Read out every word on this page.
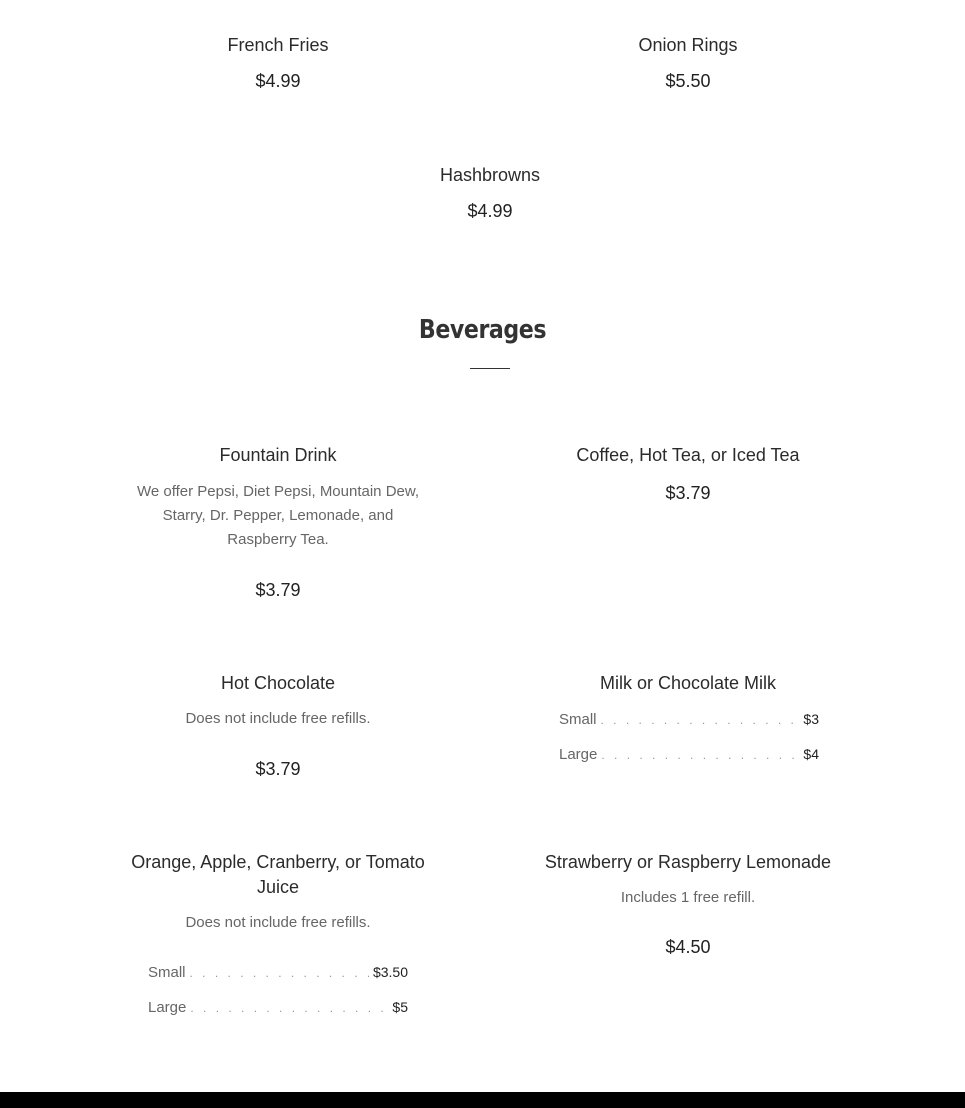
French Fries
$4.99
Onion Rings
$5.50
Hashbrowns
$4.99
Beverages
Fountain Drink
We offer Pepsi, Diet Pepsi, Mountain Dew, Starry, Dr. Pepper, Lemonade, and Raspberry Tea.
$3.79
Coffee, Hot Tea, or Iced Tea
$3.79
Hot Chocolate
Does not include free refills.
$3.79
Milk or Chocolate Milk
Small . . .	$3
Large . . .	$4
Orange, Apple, Cranberry, or Tomato Juice
Does not include free refills.
Small . . .	$3.50
Large . . .	$5
Strawberry or Raspberry Lemonade
Includes 1 free refill.
$4.50
